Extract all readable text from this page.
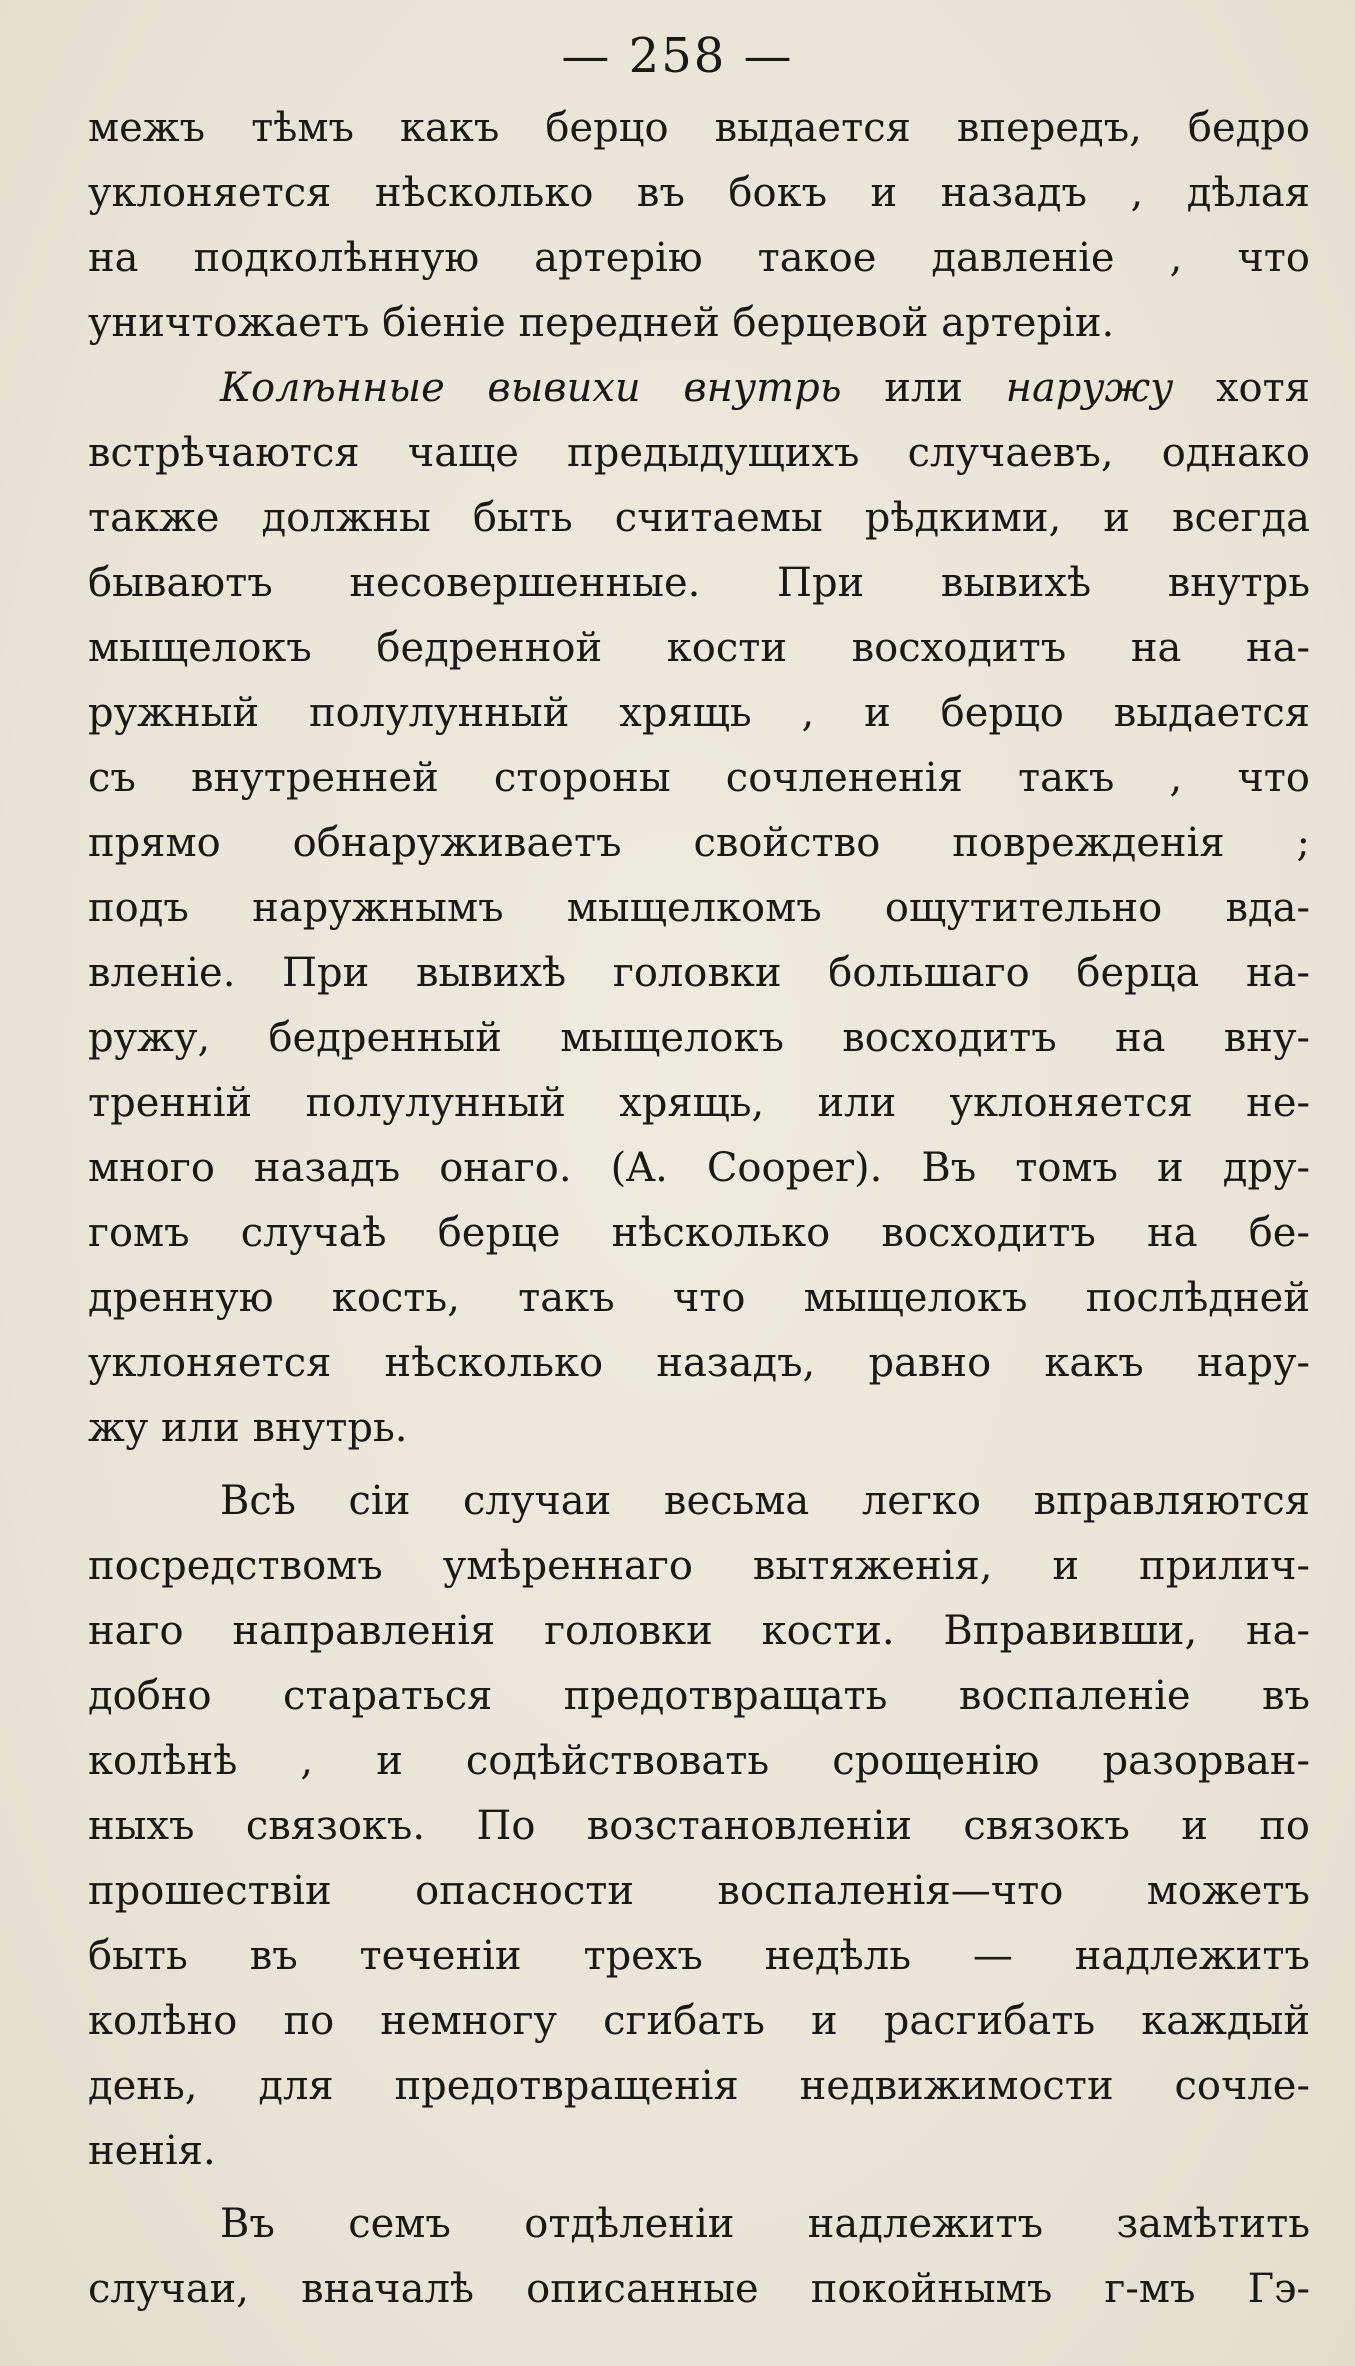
— 258 —
межъ тѣмъ какъ берцо выдается впередъ, бедро
уклоняется нѣсколько въ бокъ и назадъ , дѣлая
на подколѣнную артерію такое давленіе , что
уничтожаетъ біеніе передней берцевой артеріи.
Колѣнные вывихи внутрь или наружу хотя
встрѣчаются чаще предыдущихъ случаевъ, однако
также должны быть считаемы рѣдкими, и всегда
бываютъ несовершенные. При вывихѣ внутрь
мыщелокъ бедренной кости восходитъ на на-
ружный полулунный хрящь , и берцо выдается
съ внутренней стороны сочлененія такъ , что
прямо обнаруживаетъ свойство поврежденія ;
подъ наружнымъ мыщелкомъ ощутительно вда-
вленіе. При вывихѣ головки большаго берца на-
ружу, бедренный мыщелокъ восходитъ на вну-
тренній полулунный хрящь, или уклоняется не-
много назадъ онаго. (A. Cooper). Въ томъ и дру-
гомъ случаѣ берце нѣсколько восходитъ на бе-
дренную кость, такъ что мыщелокъ послѣдней
уклоняется нѣсколько назадъ, равно какъ нару-
жу или внутрь.
Всѣ сіи случаи весьма легко вправляются
посредствомъ умѣреннаго вытяженія, и прилич-
наго направленія головки кости. Вправивши, на-
добно стараться предотвращать воспаленіе въ
колѣнѣ , и содѣйствовать срощенію разорван-
ныхъ связокъ. По возстановленіи связокъ и по
прошествіи опасности воспаленія—что можетъ
быть въ теченіи трехъ недѣль — надлежитъ
колѣно по немногу сгибать и расгибать каждый
день, для предотвращенія недвижимости сочле-
ненія.
Въ семъ отдѣленіи надлежитъ замѣтить
случаи, вначалѣ описанные покойнымъ г-мъ Гэ-
